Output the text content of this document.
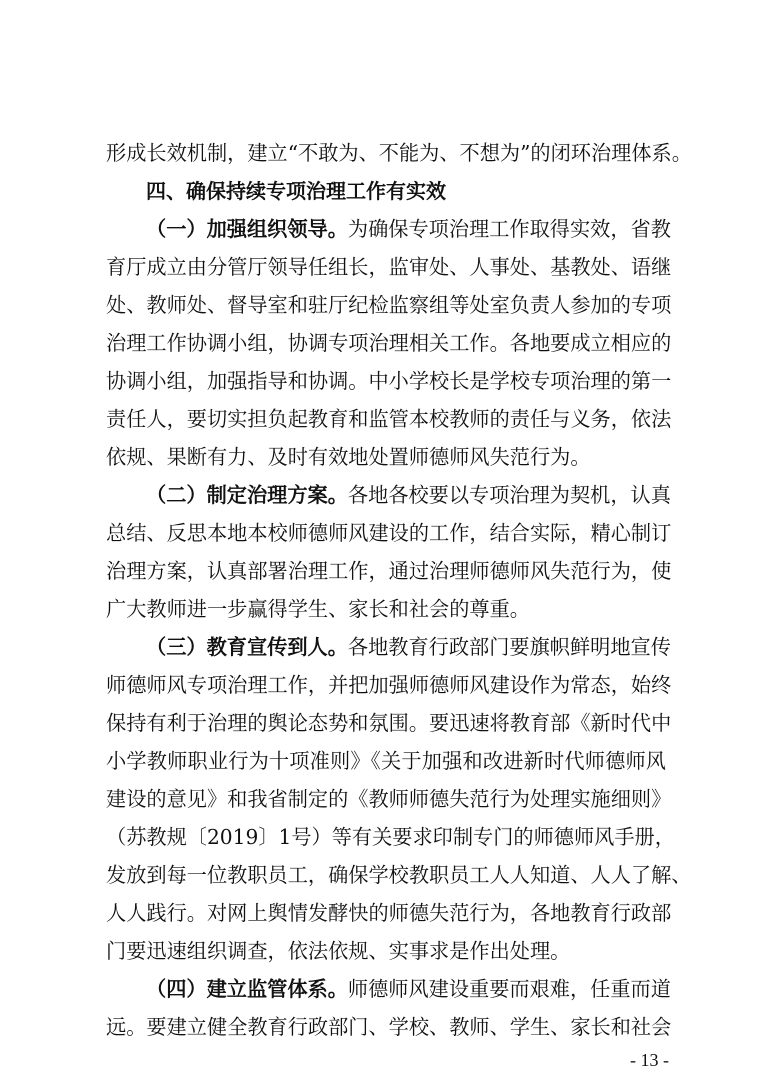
形成长效机制，建立“不敢为、不能为、不想为”的闭环治理体系。
四、确保持续专项治理工作有实效
（一）加强组织领导。为确保专项治理工作取得实效，省教
育厅成立由分管厅领导任组长，监审处、人事处、基教处、语继
处、教师处、督导室和驻厅纪检监察组等处室负责人参加的专项
治理工作协调小组，协调专项治理相关工作。各地要成立相应的
协调小组，加强指导和协调。中小学校长是学校专项治理的第一
责任人，要切实担负起教育和监管本校教师的责任与义务，依法
依规、果断有力、及时有效地处置师德师风失范行为。
（二）制定治理方案。各地各校要以专项治理为契机，认真
总结、反思本地本校师德师风建设的工作，结合实际，精心制订
治理方案，认真部署治理工作，通过治理师德师风失范行为，使
广大教师进一步赢得学生、家长和社会的尊重。
（三）教育宣传到人。各地教育行政部门要旗帜鲜明地宣传
师德师风专项治理工作，并把加强师德师风建设作为常态，始终
保持有利于治理的舆论态势和氛围。要迅速将教育部《新时代中
小学教师职业行为十项准则》《关于加强和改进新时代师德师风
建设的意见》和我省制定的《教师师德失范行为处理实施细则》
（苏教规〔2019〕1号）等有关要求印制专门的师德师风手册，
发放到每一位教职员工，确保学校教职员工人人知道、人人了解、
人人践行。对网上舆情发酵快的师德失范行为，各地教育行政部
门要迅速组织调查，依法依规、实事求是作出处理。
（四）建立监管体系。师德师风建设重要而艰难，任重而道
远。要建立健全教育行政部门、学校、教师、学生、家长和社会
- 13 -
